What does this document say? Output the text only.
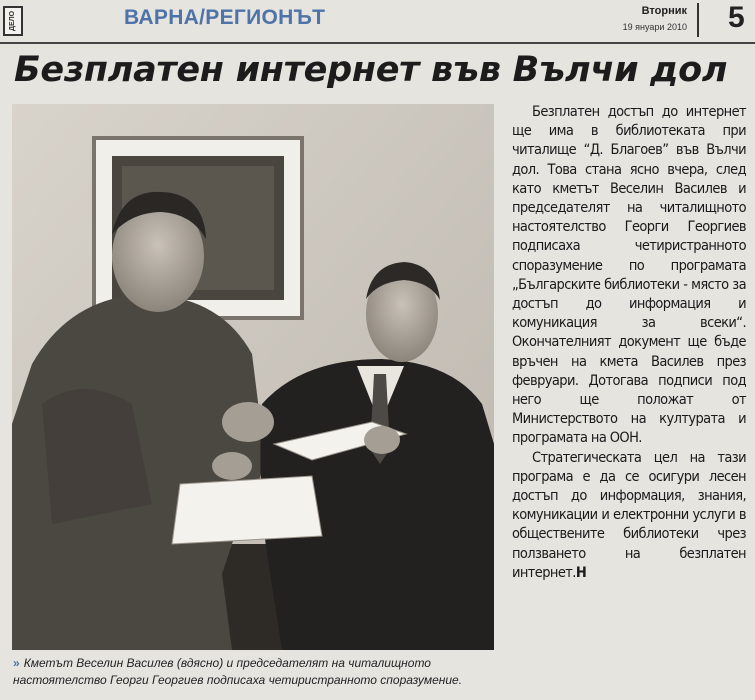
ДЕЛО	ВАРНА/РЕГИОНЪТ	Вторник
19 януари 2010 5
Безплатен интернет във Вълчи дол
» Кметът Веселин Василев (вдясно) и председателят на читалищното настоятелство Георги Георгиев подписаха четиристранното споразумение.

Безплатен достъп до интернет ще има в библиотеката при читалище “Д. Благоев” във Вълчи дол. Това стана ясно вчера, след като кметът Веселин Василев и председателят на читалищното настоятелство Георги Георгиев подписаха четиристранното споразумение по програмата „Българските библиотеки - място за достъп до информация и комуникация за всеки“. Окончателният документ ще бъде връчен на кмета Василев през февруари. Дотогава подписи под него ще положат от Министерството на културата и програмата на ООН.

Стратегическата цел на тази програма е да се осигури лесен достъп до информация, знания, комуникации и електронни услуги в обществените библиотеки чрез ползването на безплатен интернет.Н
